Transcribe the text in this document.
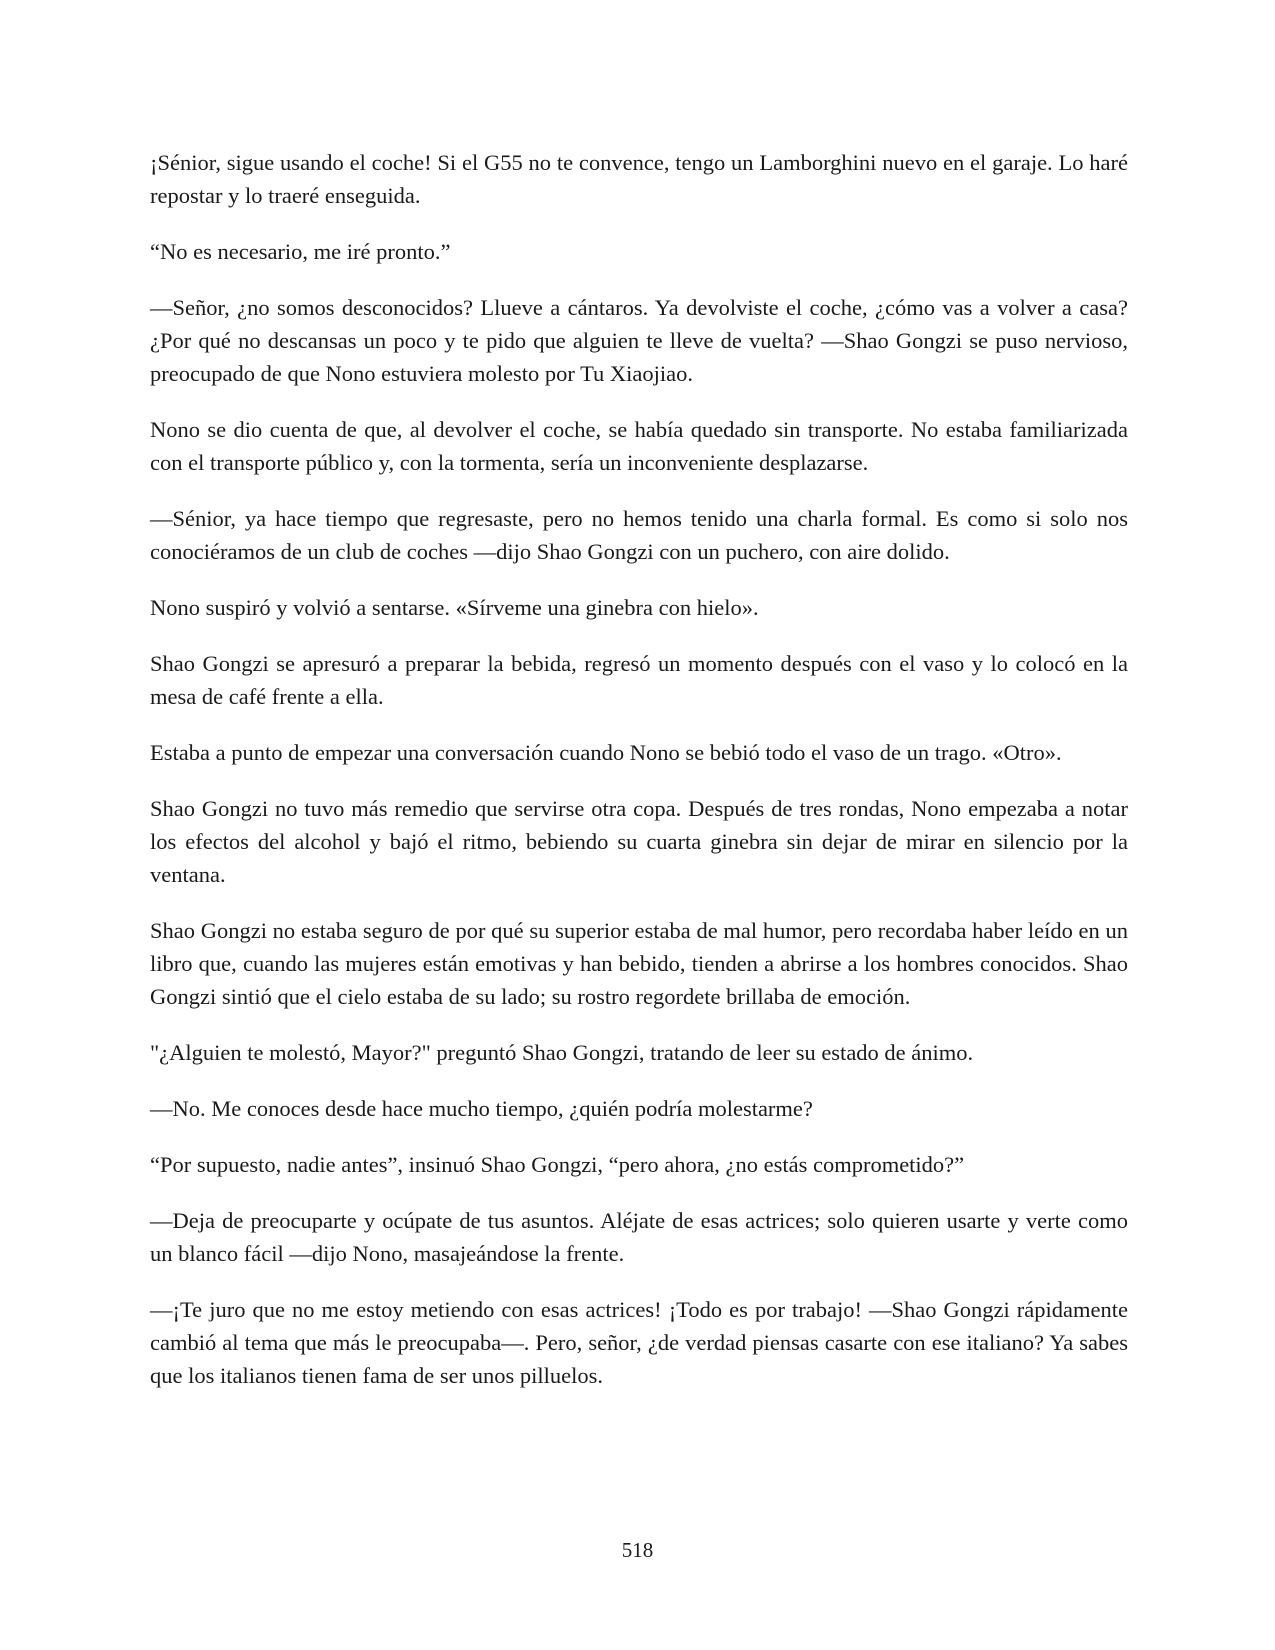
¡Sénior, sigue usando el coche! Si el G55 no te convence, tengo un Lamborghini nuevo en el garaje. Lo haré repostar y lo traeré enseguida.

“No es necesario, me iré pronto.”

—Señor, ¿no somos desconocidos? Llueve a cántaros. Ya devolviste el coche, ¿cómo vas a volver a casa? ¿Por qué no descansas un poco y te pido que alguien te lleve de vuelta? —Shao Gongzi se puso nervioso, preocupado de que Nono estuviera molesto por Tu Xiaojiao.

Nono se dio cuenta de que, al devolver el coche, se había quedado sin transporte. No estaba familiarizada con el transporte público y, con la tormenta, sería un inconveniente desplazarse.

—Sénior, ya hace tiempo que regresaste, pero no hemos tenido una charla formal. Es como si solo nos conociéramos de un club de coches —dijo Shao Gongzi con un puchero, con aire dolido.

Nono suspiró y volvió a sentarse. «Sírveme una ginebra con hielo».

Shao Gongzi se apresuró a preparar la bebida, regresó un momento después con el vaso y lo colocó en la mesa de café frente a ella.

Estaba a punto de empezar una conversación cuando Nono se bebió todo el vaso de un trago. «Otro».

Shao Gongzi no tuvo más remedio que servirse otra copa. Después de tres rondas, Nono empezaba a notar los efectos del alcohol y bajó el ritmo, bebiendo su cuarta ginebra sin dejar de mirar en silencio por la ventana.

Shao Gongzi no estaba seguro de por qué su superior estaba de mal humor, pero recordaba haber leído en un libro que, cuando las mujeres están emotivas y han bebido, tienden a abrirse a los hombres conocidos. Shao Gongzi sintió que el cielo estaba de su lado; su rostro regordete brillaba de emoción.

"¿Alguien te molestó, Mayor?" preguntó Shao Gongzi, tratando de leer su estado de ánimo.

—No. Me conoces desde hace mucho tiempo, ¿quién podría molestarme?

“Por supuesto, nadie antes”, insinuó Shao Gongzi, “pero ahora, ¿no estás comprometido?”

—Deja de preocuparte y ocúpate de tus asuntos. Aléjate de esas actrices; solo quieren usarte y verte como un blanco fácil —dijo Nono, masajeándose la frente.

—¡Te juro que no me estoy metiendo con esas actrices! ¡Todo es por trabajo! —Shao Gongzi rápidamente cambió al tema que más le preocupaba—. Pero, señor, ¿de verdad piensas casarte con ese italiano? Ya sabes que los italianos tienen fama de ser unos pilluelos.

518
